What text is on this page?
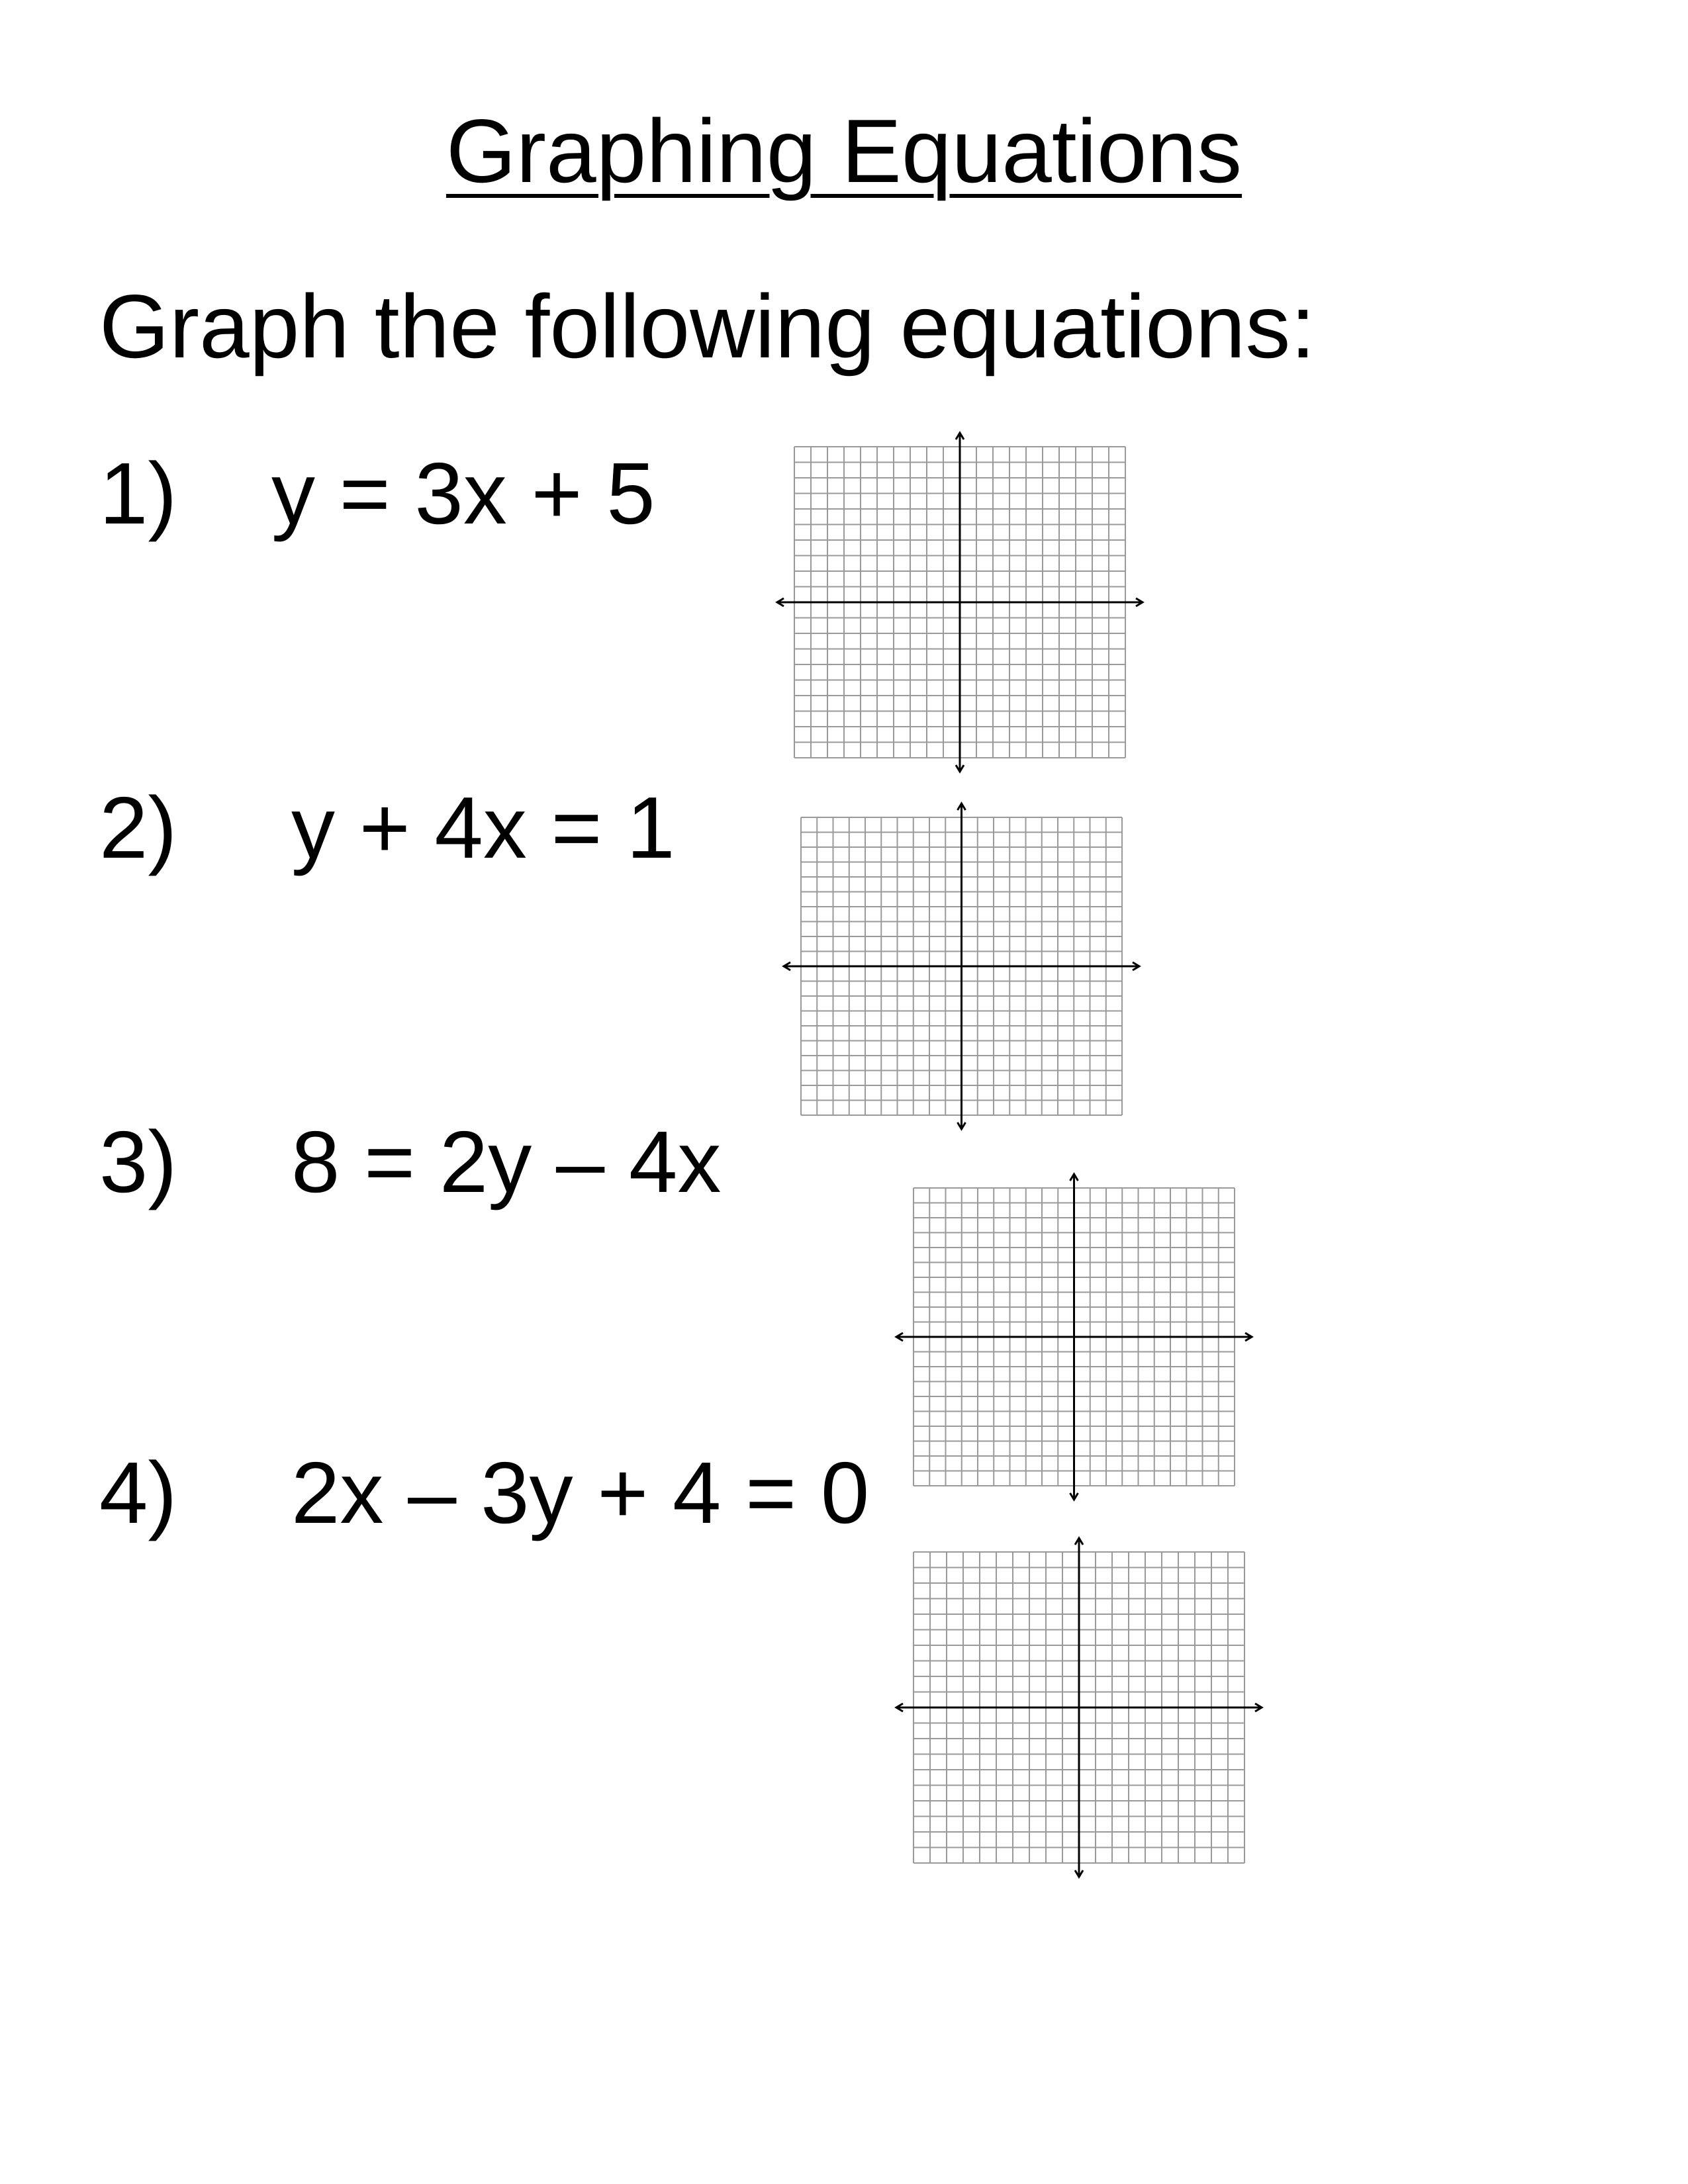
Graphing Equations

Graph the following equations:

1) y = 3x + 5
2) y + 4x = 1
3) 8 = 2y – 4x
4) 2x – 3y + 4 = 0
